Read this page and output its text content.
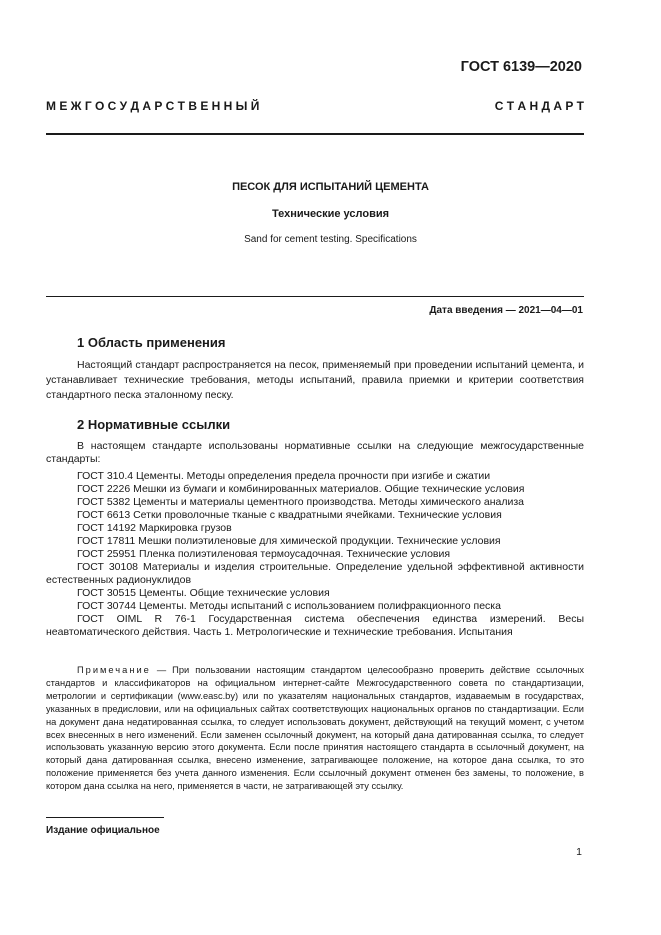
ГОСТ 6139—2020
М Е Ж Г О С У Д А Р С Т В Е Н Н Ы Й	С Т А Н Д А Р Т
ПЕСОК ДЛЯ ИСПЫТАНИЙ ЦЕМЕНТА
Технические условия
Sand for cement testing. Specifications
Дата введения — 2021—04—01
1 Область применения
Настоящий стандарт распространяется на песок, применяемый при проведении испытаний цемента, и устанавливает технические требования, методы испытаний, правила приемки и критерии соответствия стандартного песка эталонному песку.
2 Нормативные ссылки
В настоящем стандарте использованы нормативные ссылки на следующие межгосударственные стандарты:
ГОСТ 310.4 Цементы. Методы определения предела прочности при изгибе и сжатии
ГОСТ 2226 Мешки из бумаги и комбинированных материалов. Общие технические условия
ГОСТ 5382 Цементы и материалы цементного производства. Методы химического анализа
ГОСТ 6613 Сетки проволочные тканые с квадратными ячейками. Технические условия
ГОСТ 14192 Маркировка грузов
ГОСТ 17811 Мешки полиэтиленовые для химической продукции. Технические условия
ГОСТ 25951 Пленка полиэтиленовая термоусадочная. Технические условия
ГОСТ 30108 Материалы и изделия строительные. Определение удельной эффективной активности естественных радионуклидов
ГОСТ 30515 Цементы. Общие технические условия
ГОСТ 30744 Цементы. Методы испытаний с использованием полифракционного песка
ГОСТ OIML R 76-1 Государственная система обеспечения единства измерений. Весы неавтоматического действия. Часть 1. Метрологические и технические требования. Испытания
Примечание — При пользовании настоящим стандартом целесообразно проверить действие ссылочных стандартов и классификаторов на официальном интернет-сайте Межгосударственного совета по стандартизации, метрологии и сертификации (www.easc.by) или по указателям национальных стандартов, издаваемым в государствах, указанных в предисловии, или на официальных сайтах соответствующих национальных органов по стандартизации. Если на документ дана недатированная ссылка, то следует использовать документ, действующий на текущий момент, с учетом всех внесенных в него изменений. Если заменен ссылочный документ, на который дана датированная ссылка, то следует использовать указанную версию этого документа. Если после принятия настоящего стандарта в ссылочный документ, на который дана датированная ссылка, внесено изменение, затрагивающее положение, на которое дана ссылка, то это положение применяется без учета данного изменения. Если ссылочный документ отменен без замены, то положение, в котором дана ссылка на него, применяется в части, не затрагивающей эту ссылку.
Издание официальное
1
